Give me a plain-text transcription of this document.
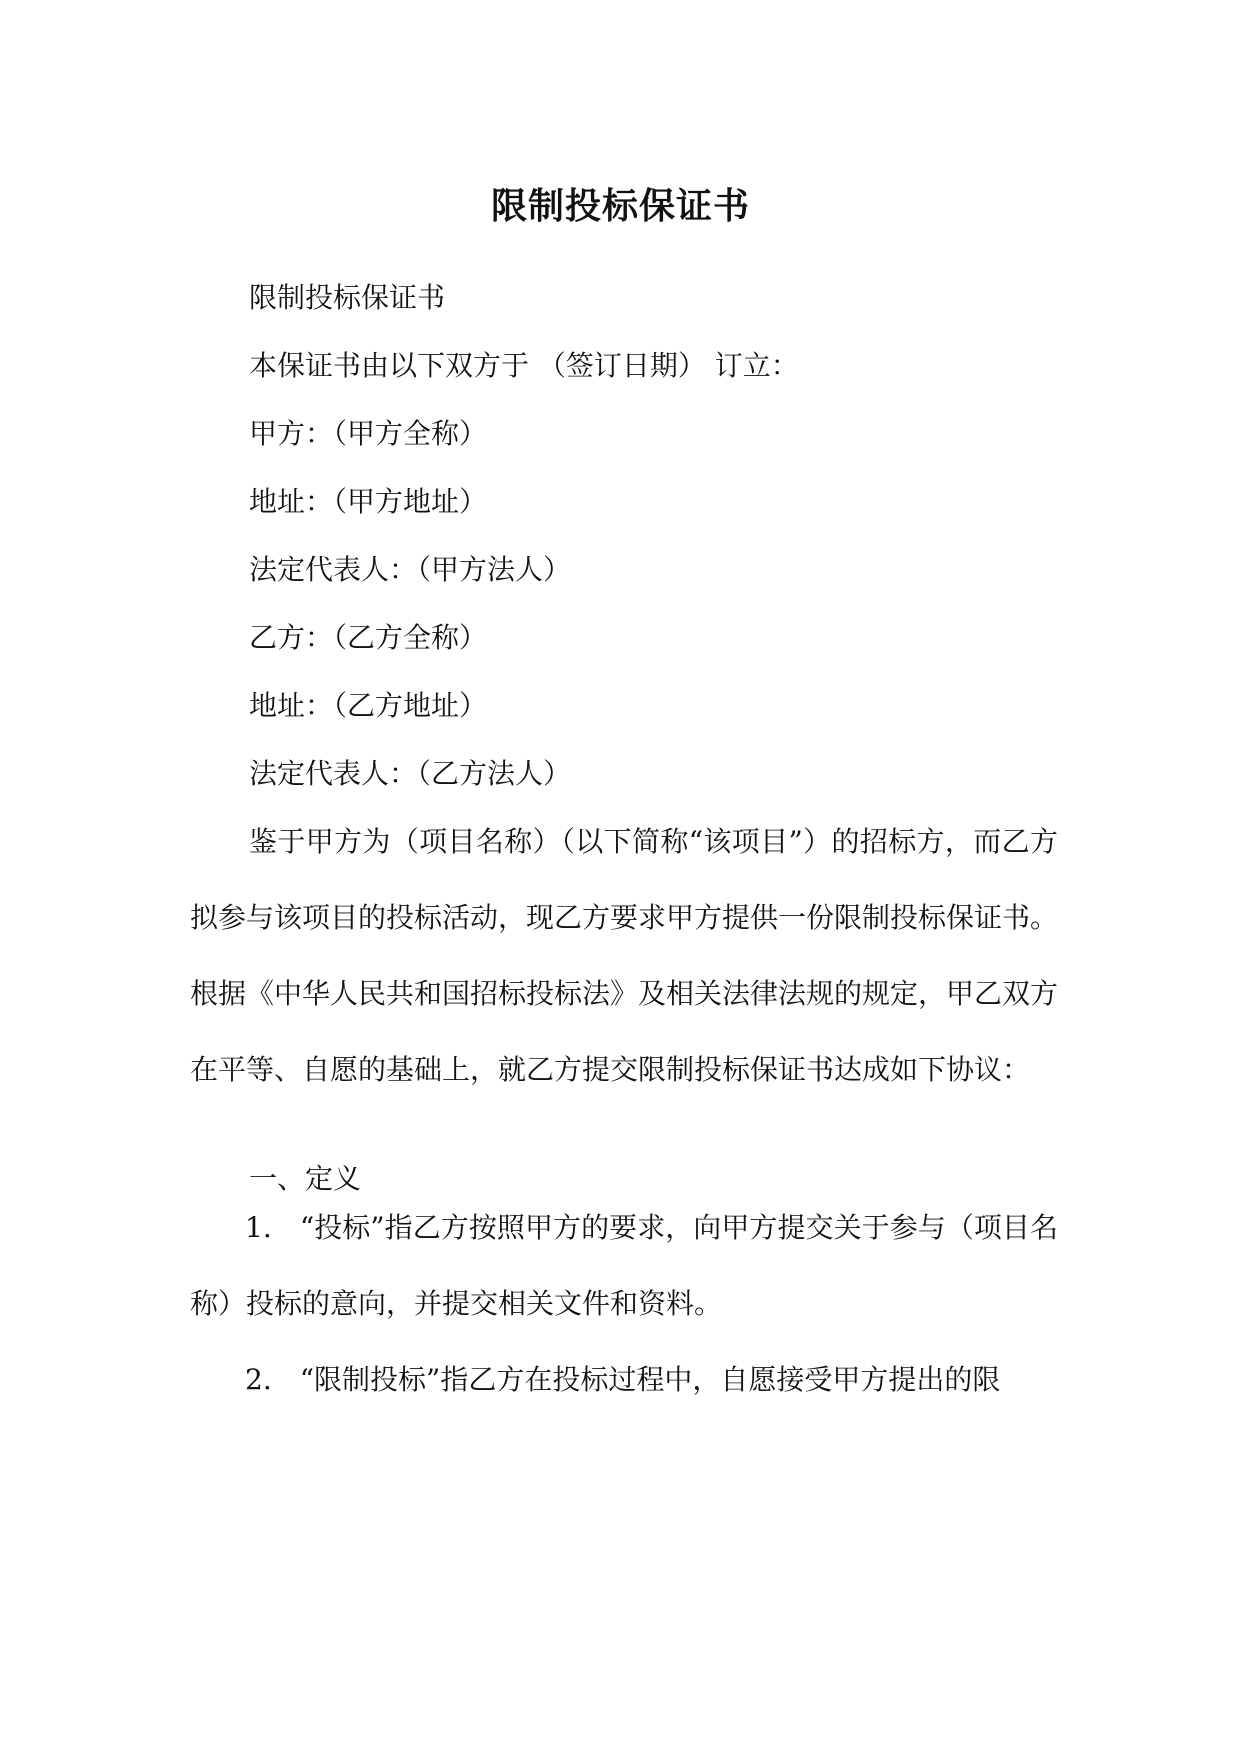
限制投标保证书
限制投标保证书
本保证书由以下双方于 （签订日期） 订立：
甲方：（甲方全称）
地址：（甲方地址）
法定代表人：（甲方法人）
乙方：（乙方全称）
地址：（乙方地址）
法定代表人：（乙方法人）

鉴于甲方为（项目名称）（以下简称“该项目”）的招标方，而乙方拟参与该项目的投标活动，现乙方要求甲方提供一份限制投标保证书。根据《中华人民共和国招标投标法》及相关法律法规的规定，甲乙双方在平等、自愿的基础上，就乙方提交限制投标保证书达成如下协议：

一、定义

1.　“投标”指乙方按照甲方的要求，向甲方提交关于参与（项目名称）投标的意向，并提交相关文件和资料。

2.　“限制投标”指乙方在投标过程中，自愿接受甲方提出的限
